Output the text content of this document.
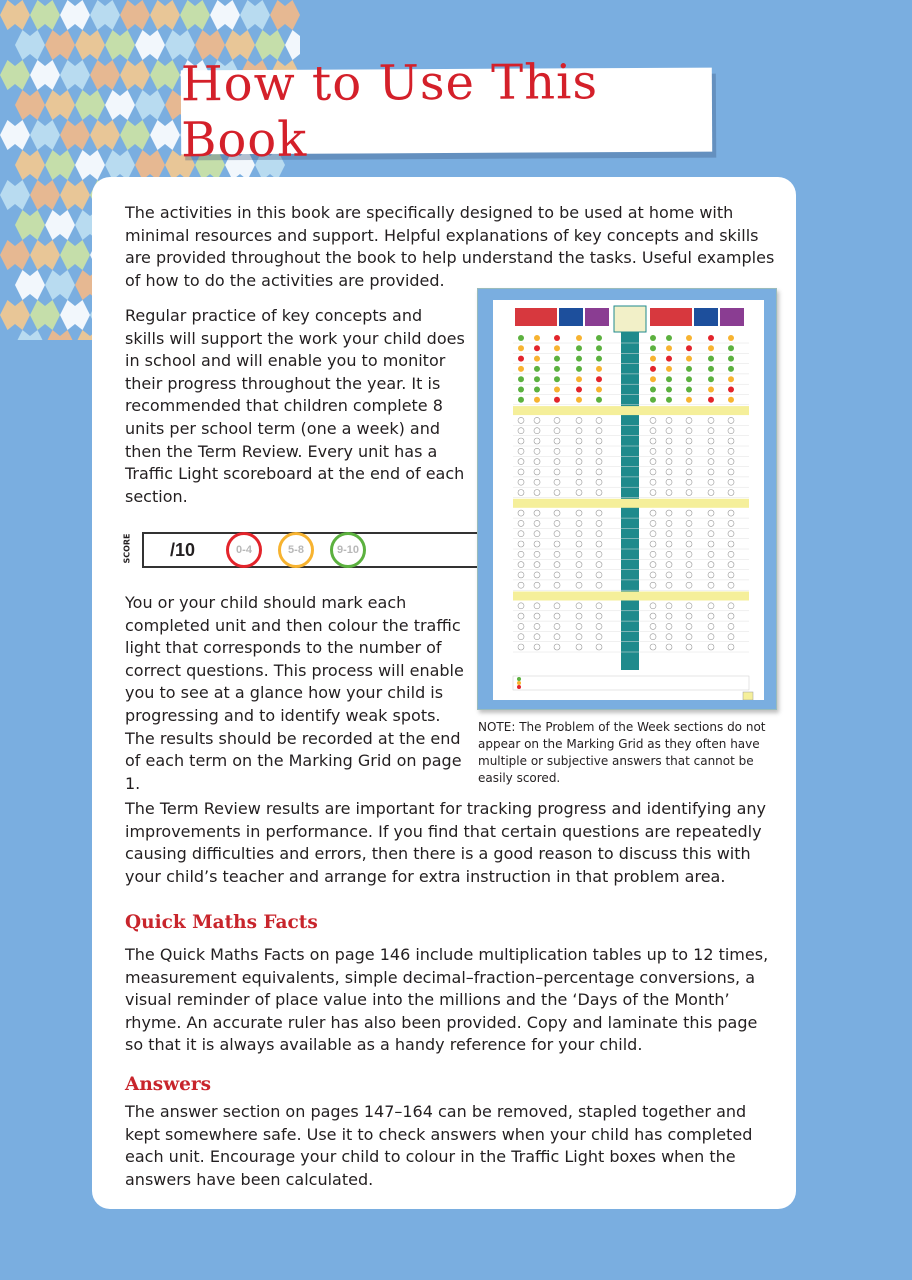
How to Use This Book

The activities in this book are specifically designed to be used at home with minimal resources and support. Helpful explanations of key concepts and skills are provided throughout the book to help understand the tasks. Useful examples of how to do the activities are provided.

Regular practice of key concepts and skills will support the work your child does in school and will enable you to monitor their progress throughout the year. It is recommended that children complete 8 units per school term (one a week) and then the Term Review. Every unit has a Traffic Light scoreboard at the end of each section.

SCORE /10	0-4	5-8	9-10

You or your child should mark each completed unit and then colour the traffic light that corresponds to the number of correct questions. This process will enable you to see at a glance how your child is progressing and to identify weak spots. The results should be recorded at the end of each term on the Marking Grid on page 1.

NOTE: The Problem of the Week sections do not appear on the Marking Grid as they often have multiple or subjective answers that cannot be easily scored.

The Term Review results are important for tracking progress and identifying any improvements in performance. If you find that certain questions are repeatedly causing difficulties and errors, then there is a good reason to discuss this with your child’s teacher and arrange for extra instruction in that problem area.

Quick Maths Facts

The Quick Maths Facts on page 146 include multiplication tables up to 12 times, measurement equivalents, simple decimal–fraction–percentage conversions, a visual reminder of place value into the millions and the ‘Days of the Month’ rhyme. An accurate ruler has also been provided. Copy and laminate this page so that it is always available as a handy reference for your child.

Answers

The answer section on pages 147–164 can be removed, stapled together and kept somewhere safe. Use it to check answers when your child has completed each unit. Encourage your child to colour in the Traffic Light boxes when the answers have been calculated.
